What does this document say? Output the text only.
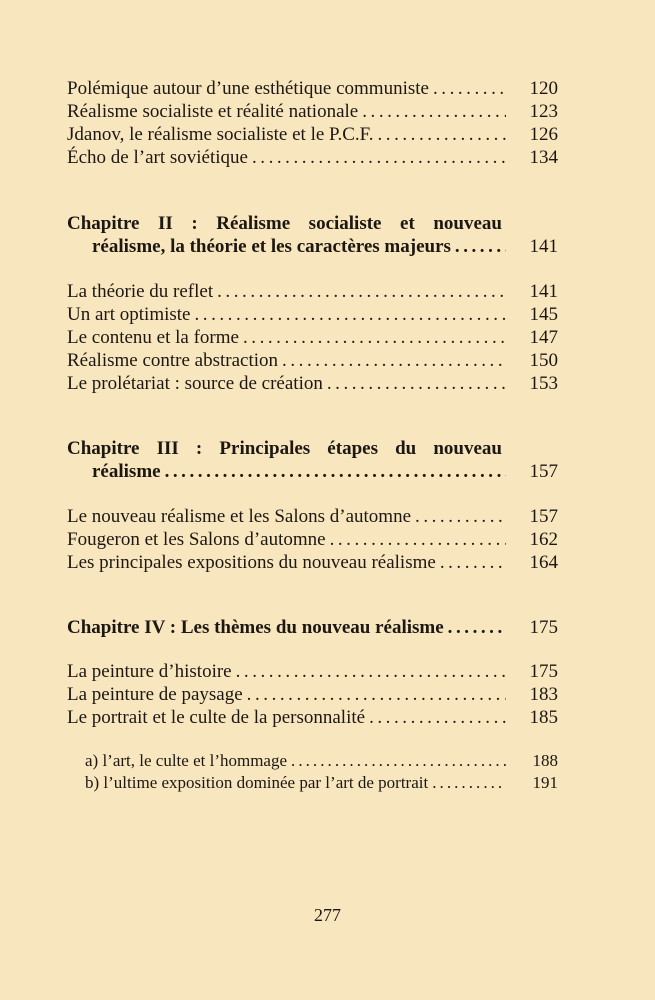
Polémique autour d’une esthétique communiste . . .	120
Réalisme socialiste et réalité nationale . . .	123
Jdanov, le réalisme socialiste et le P.C.F. . . .	126
Écho de l’art soviétique . . .	134
Chapitre II : Réalisme socialiste et nouveau
réalisme, la théorie et les caractères majeurs . . .	141
La théorie du reflet . . .	141
Un art optimiste . . .	145
Le contenu et la forme . . .	147
Réalisme contre abstraction . . .	150
Le prolétariat : source de création . . .	153
Chapitre III : Principales étapes du nouveau
réalisme . . .	157
Le nouveau réalisme et les Salons d’automne . . .	157
Fougeron et les Salons d’automne . . .	162
Les principales expositions du nouveau réalisme . . .	164
Chapitre IV : Les thèmes du nouveau réalisme . . .	175
La peinture d’histoire . . .	175
La peinture de paysage . . .	183
Le portrait et le culte de la personnalité . . .	185
a) l’art, le culte et l’hommage . . .	188
b) l’ultime exposition dominée par l’art de portrait . . .	191
277
